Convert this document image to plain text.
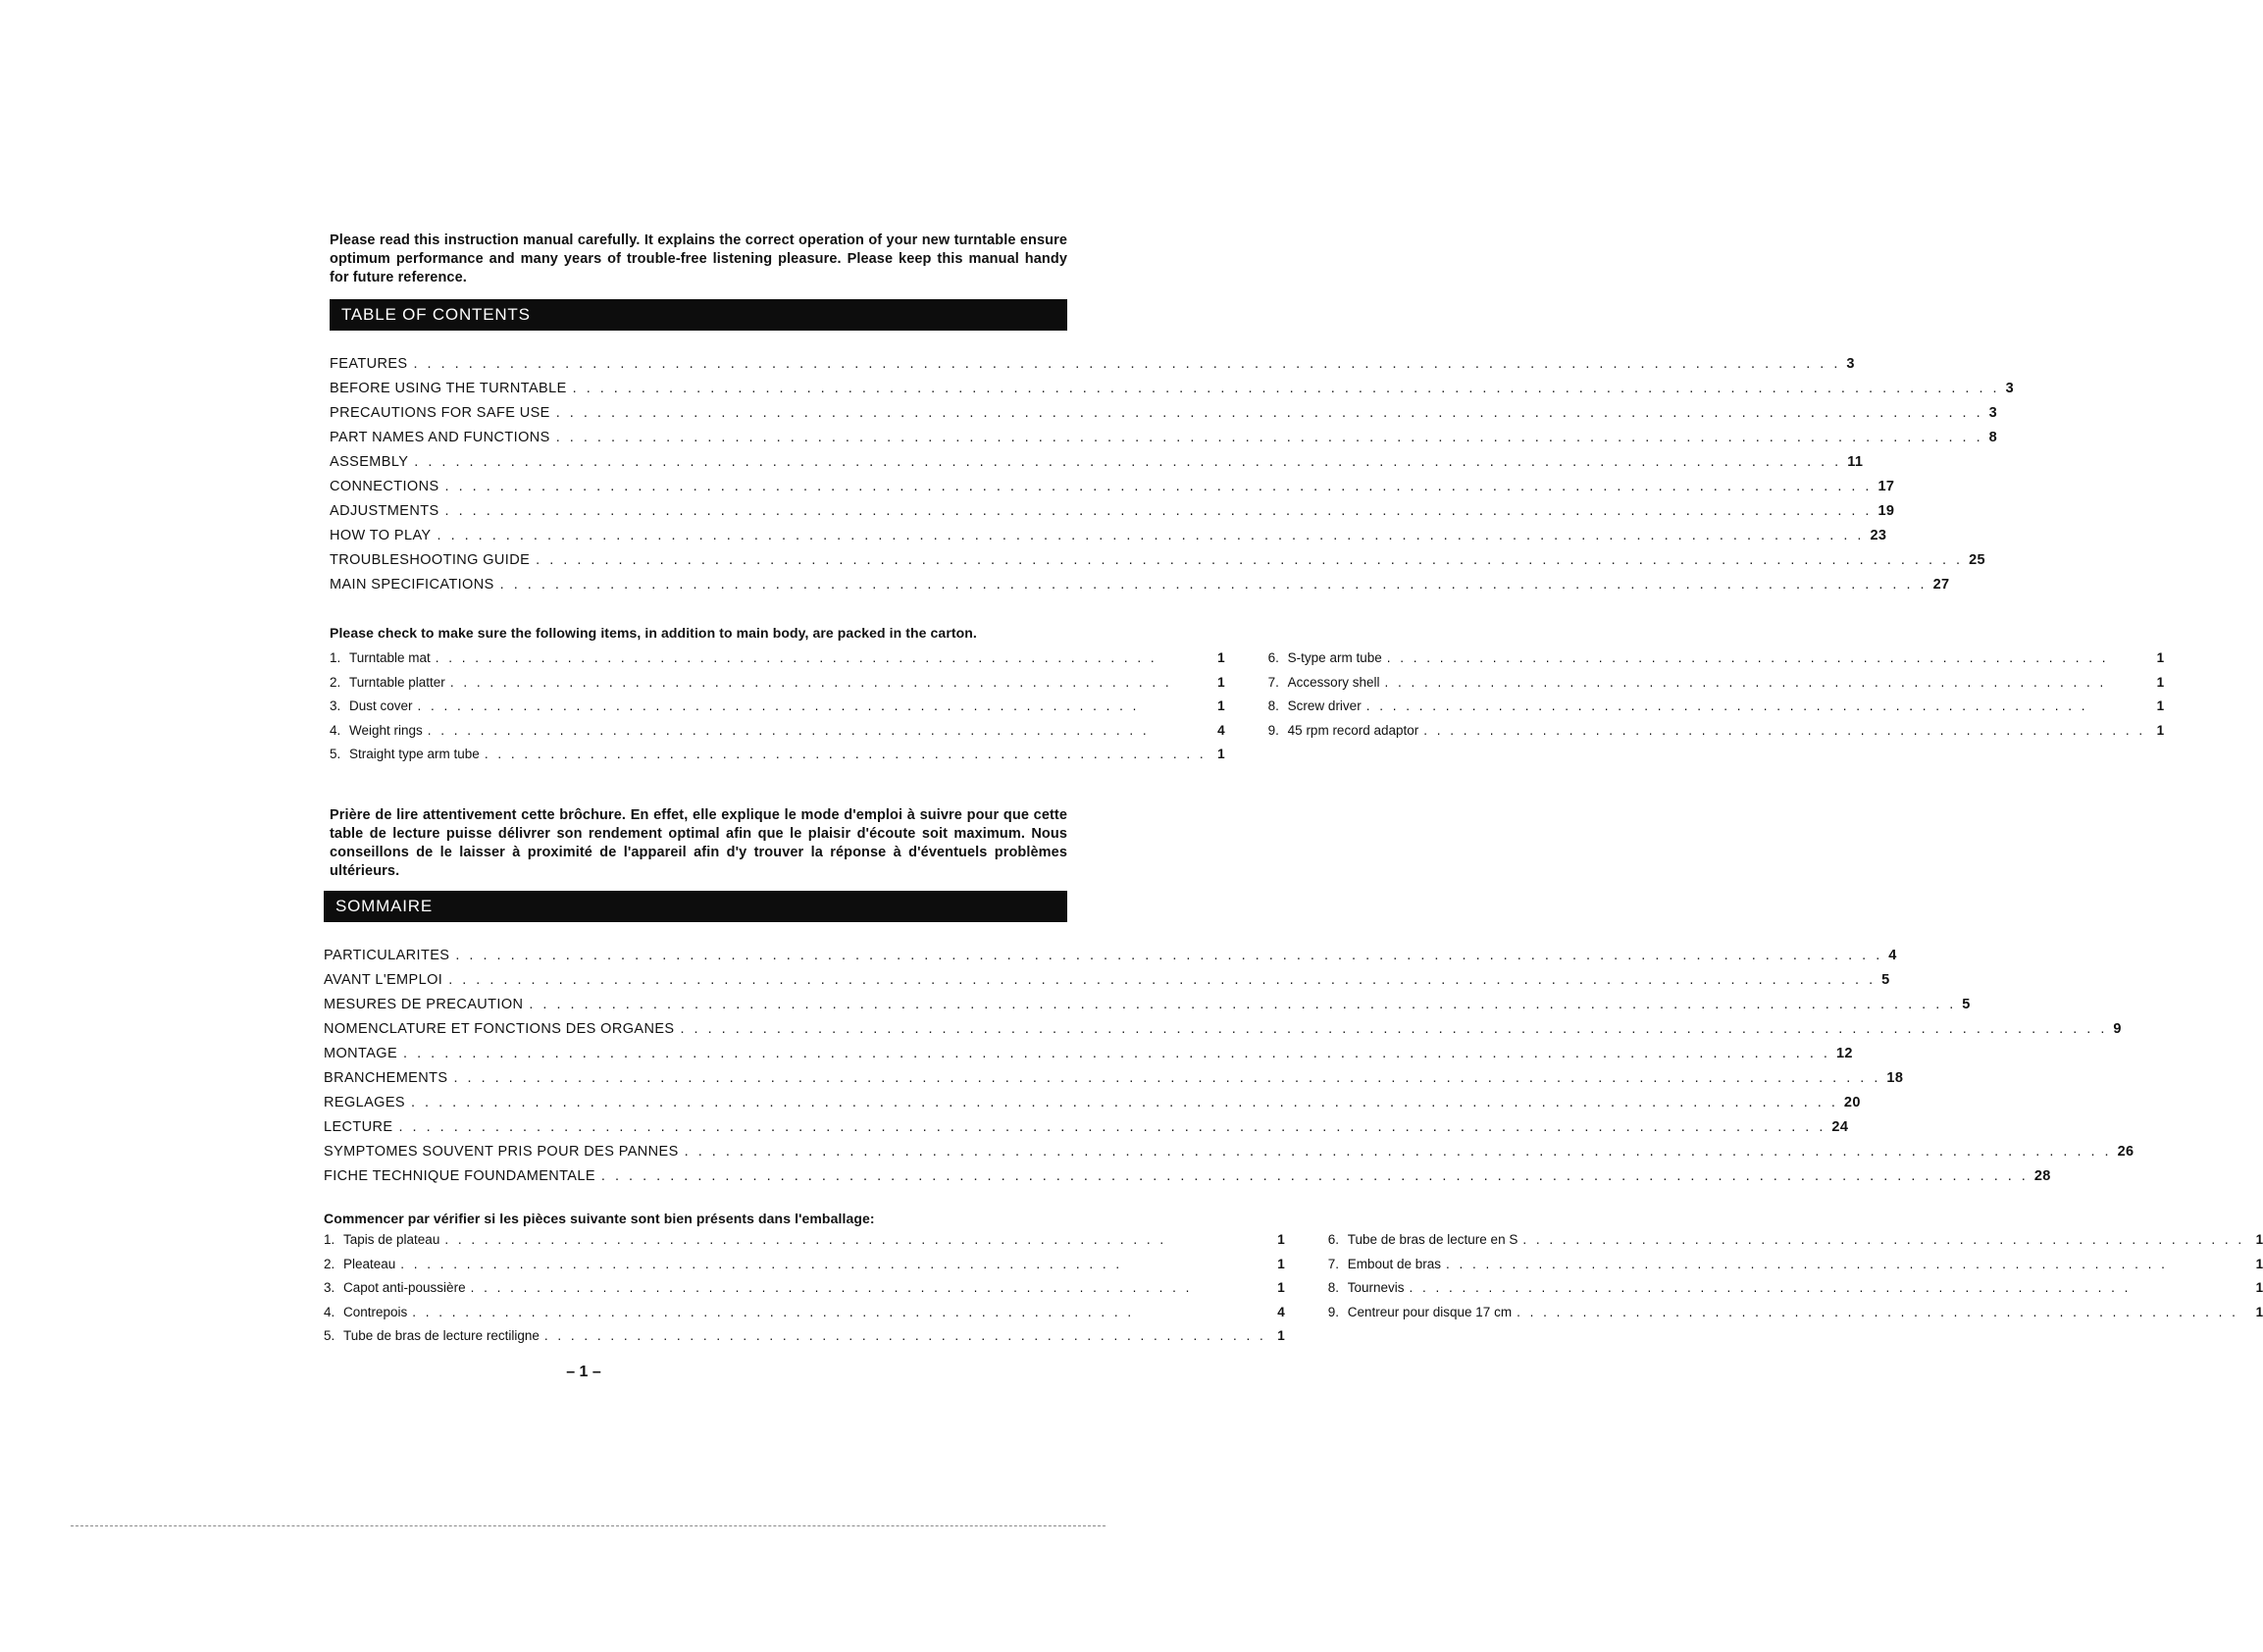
Please read this instruction manual carefully. It explains the correct operation of your new turntable ensure optimum performance and many years of trouble-free listening pleasure. Please keep this manual handy for future reference.

TABLE OF CONTENTS
FEATURES . . .	3
BEFORE USING THE TURNTABLE . . .	3
PRECAUTIONS FOR SAFE USE . . .	3
PART NAMES AND FUNCTIONS . . .	8
ASSEMBLY . . .	11
CONNECTIONS . . .	17
ADJUSTMENTS . . .	19
HOW TO PLAY . . .	23
TROUBLESHOOTING GUIDE . . .	25
MAIN SPECIFICATIONS . . .	27

Please check to make sure the following items, in addition to main body, are packed in the carton.

1. Turntable mat . . .	1
2. Turntable platter . . .	1
3. Dust cover . . .	1
4. Weight rings . . .	4
5. Straight type arm tube . . .	1
6. S-type arm tube . . .	1
7. Accessory shell . . .	1
8. Screw driver . . .	1
9. 45 rpm record adaptor . . .	1

Prière de lire attentivement cette brôchure. En effet, elle explique le mode d'emploi à suivre pour que cette table de lecture puisse délivrer son rendement optimal afin que le plaisir d'écoute soit maximum. Nous conseillons de le laisser à proximité de l'appareil afin d'y trouver la réponse à d'éventuels problèmes ultérieurs.

SOMMAIRE
PARTICULARITES . . .	4
AVANT L'EMPLOI . . .	5
MESURES DE PRECAUTION . . .	5
NOMENCLATURE ET FONCTIONS DES ORGANES . . .	9
MONTAGE . . .	12
BRANCHEMENTS . . .	18
REGLAGES . . .	20
LECTURE . . .	24
SYMPTOMES SOUVENT PRIS POUR DES PANNES . . .	26
FICHE TECHNIQUE FOUNDAMENTALE . . .	28

Commencer par vérifier si les pièces suivante sont bien présents dans l'emballage:

1. Tapis de plateau . . .	1
2. Pleateau . . .	1
3. Capot anti-poussière . . .	1
4. Contrepois . . .	4
5. Tube de bras de lecture rectiligne . . .	1
6. Tube de bras de lecture en S . . .	1
7. Embout de bras . . .	1
8. Tournevis . . .	1
9. Centreur pour disque 17 cm . . .	1
– 1 –
